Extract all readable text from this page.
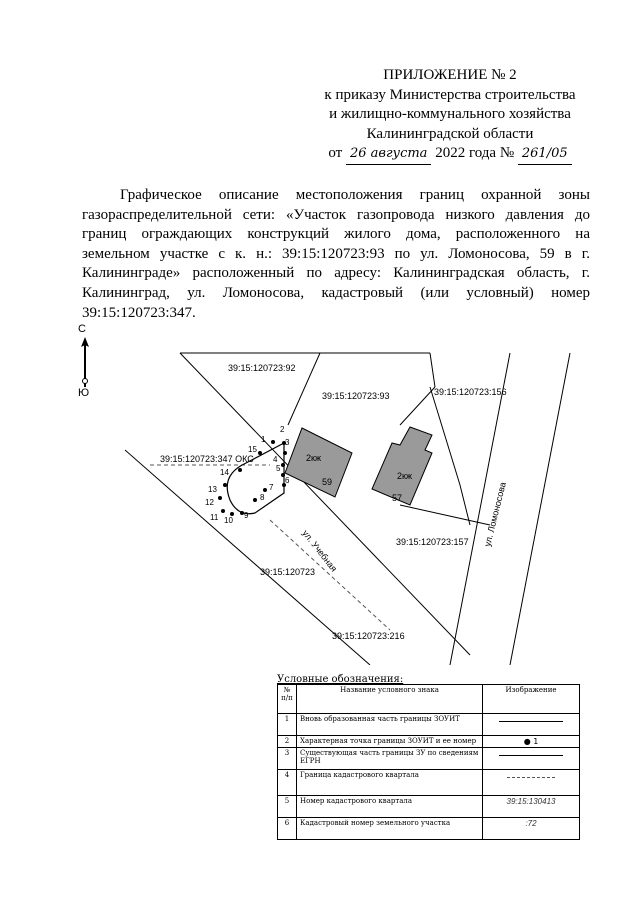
ПРИЛОЖЕНИЕ № 2
к приказу Министерства строительства
и жилищно-коммунального хозяйства
Калининградской области
от 26 августа 2022 года № 261/05
Графическое описание местоположения границ охранной зоны газораспределительной сети: «Участок газопровода низкого давления до границ ограждающих конструкций жилого дома, расположенного на земельном участке с к. н.: 39:15:120723:93 по ул. Ломоносова, 59 в г. Калининграде» расположенный по адресу: Калининградская область, г. Калининград, ул. Ломоносова, кадастровый (или условный) номер 39:15:120723:347.
С
Ю
39:15:120723:92
39:15:120723:93	39:15:120723:156
39:15:120723:347 ОКС
39:15:120723:157
39:15:120723
39:15:120723:216
2кж
59
2кж
57
ул. Учебная
ул. Ломоносова
1
2
3
4
5
6
7
8
9
10
11
12
13
14
15
Условные обозначения:
№ п/п	Название условного знака	Изображение
1	Вновь образованная часть границы ЗОУИТ	

2	Характерная точка границы ЗОУИТ и ее номер	● 1
3	Существующая часть границы ЗУ по сведениям ЕГРН	

4	Граница кадастрового квартала	

5	Номер кадастрового квартала	39:15:130413
6	Кадастровый номер земельного участка	:72
